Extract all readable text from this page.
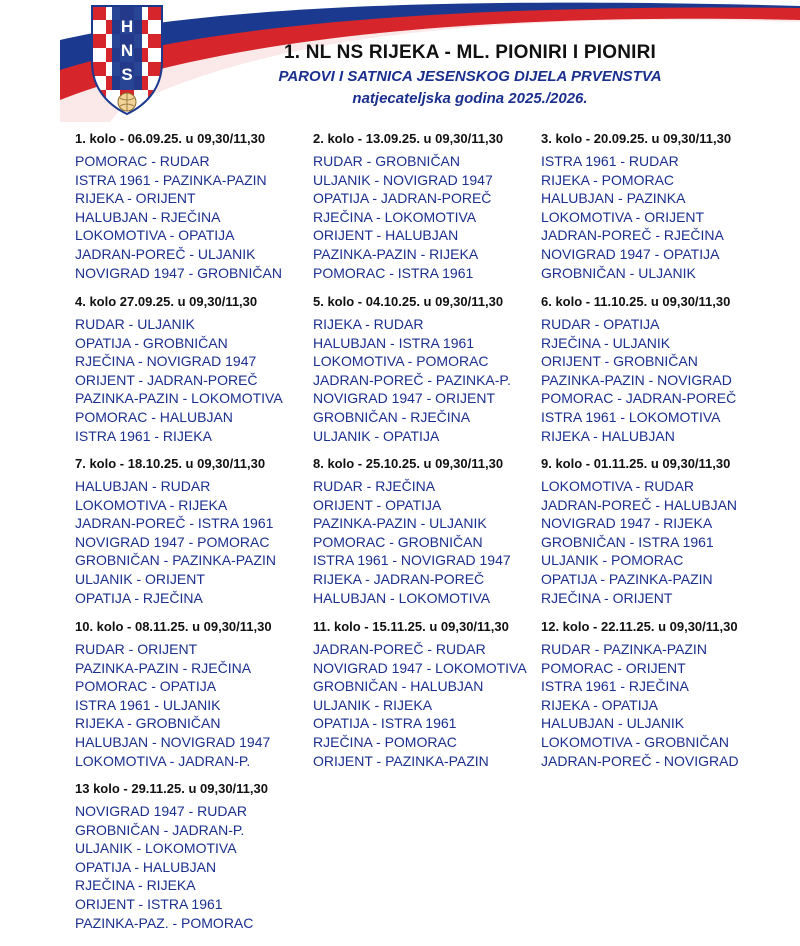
H
N
S
1. NL NS RIJEKA - ML. PIONIRI I PIONIRI
PAROVI I SATNICA JESENSKOG DIJELA PRVENSTVA
natjecateljska godina 2025./2026.
1. kolo - 06.09.25. u 09,30/11,30
POMORAC - RUDAR
ISTRA 1961 - PAZINKA-PAZIN
RIJEKA - ORIJENT
HALUBJAN - RJEČINA
LOKOMOTIVA - OPATIJA
JADRAN-POREČ - ULJANIK
NOVIGRAD 1947 - GROBNIČAN
2. kolo - 13.09.25. u 09,30/11,30
RUDAR - GROBNIČAN
ULJANIK - NOVIGRAD 1947
OPATIJA - JADRAN-POREČ
RJEČINA - LOKOMOTIVA
ORIJENT - HALUBJAN
PAZINKA-PAZIN - RIJEKA
POMORAC - ISTRA 1961
3. kolo - 20.09.25. u 09,30/11,30
ISTRA 1961 - RUDAR
RIJEKA - POMORAC
HALUBJAN - PAZINKA
LOKOMOTIVA - ORIJENT
JADRAN-POREČ - RJEČINA
NOVIGRAD 1947 - OPATIJA
GROBNIČAN - ULJANIK
4. kolo 27.09.25. u 09,30/11,30
RUDAR - ULJANIK
OPATIJA - GROBNIČAN
RJEČINA - NOVIGRAD 1947
ORIJENT - JADRAN-POREČ
PAZINKA-PAZIN - LOKOMOTIVA
POMORAC - HALUBJAN
ISTRA 1961 - RIJEKA
5. kolo - 04.10.25. u 09,30/11,30
RIJEKA - RUDAR
HALUBJAN - ISTRA 1961
LOKOMOTIVA - POMORAC
JADRAN-POREČ - PAZINKA-P.
NOVIGRAD 1947 - ORIJENT
GROBNIČAN - RJEČINA
ULJANIK - OPATIJA
6. kolo - 11.10.25. u 09,30/11,30
RUDAR - OPATIJA
RJEČINA - ULJANIK
ORIJENT - GROBNIČAN
PAZINKA-PAZIN - NOVIGRAD
POMORAC - JADRAN-POREČ
ISTRA 1961 - LOKOMOTIVA
RIJEKA - HALUBJAN
7. kolo - 18.10.25. u 09,30/11,30
HALUBJAN - RUDAR
LOKOMOTIVA - RIJEKA
JADRAN-POREČ - ISTRA 1961
NOVIGRAD 1947 - POMORAC
GROBNIČAN - PAZINKA-PAZIN
ULJANIK - ORIJENT
OPATIJA - RJEČINA
8. kolo - 25.10.25. u 09,30/11,30
RUDAR - RJEČINA
ORIJENT - OPATIJA
PAZINKA-PAZIN - ULJANIK
POMORAC - GROBNIČAN
ISTRA 1961 - NOVIGRAD 1947
RIJEKA - JADRAN-POREČ
HALUBJAN - LOKOMOTIVA
9. kolo - 01.11.25. u 09,30/11,30
LOKOMOTIVA - RUDAR
JADRAN-POREČ - HALUBJAN
NOVIGRAD 1947 - RIJEKA
GROBNIČAN - ISTRA 1961
ULJANIK - POMORAC
OPATIJA - PAZINKA-PAZIN
RJEČINA - ORIJENT
10. kolo - 08.11.25. u 09,30/11,30
RUDAR - ORIJENT
PAZINKA-PAZIN - RJEČINA
POMORAC - OPATIJA
ISTRA 1961 - ULJANIK
RIJEKA - GROBNIČAN
HALUBJAN - NOVIGRAD 1947
LOKOMOTIVA - JADRAN-P.
11. kolo - 15.11.25. u 09,30/11,30
JADRAN-POREČ - RUDAR
NOVIGRAD 1947 - LOKOMOTIVA
GROBNIČAN - HALUBJAN
ULJANIK - RIJEKA
OPATIJA - ISTRA 1961
RJEČINA - POMORAC
ORIJENT - PAZINKA-PAZIN
12. kolo - 22.11.25. u 09,30/11,30
RUDAR - PAZINKA-PAZIN
POMORAC - ORIJENT
ISTRA 1961 - RJEČINA
RIJEKA - OPATIJA
HALUBJAN - ULJANIK
LOKOMOTIVA - GROBNIČAN
JADRAN-POREČ - NOVIGRAD
13 kolo - 29.11.25. u 09,30/11,30
NOVIGRAD 1947 - RUDAR
GROBNIČAN - JADRAN-P.
ULJANIK - LOKOMOTIVA
OPATIJA - HALUBJAN
RJEČINA - RIJEKA
ORIJENT - ISTRA 1961
PAZINKA-PAZ. - POMORAC
